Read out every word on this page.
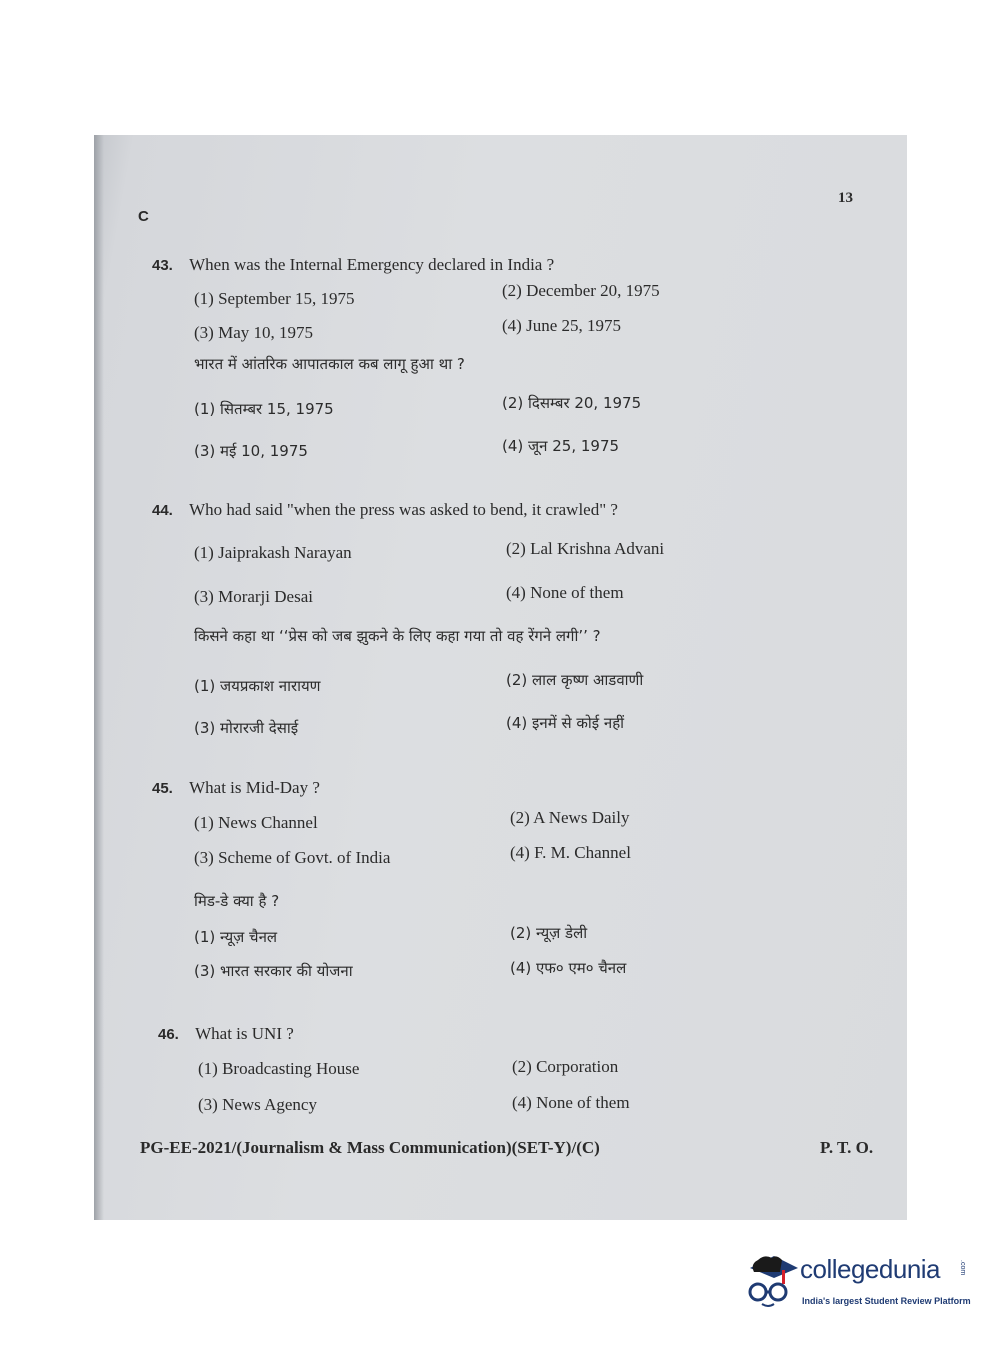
13
C
43. When was the Internal Emergency declared in India ?
(1) September 15, 1975	(2) December 20, 1975
(3) May 10, 1975	(4) June 25, 1975
भारत में आंतरिक आपातकाल कब लागू हुआ था ?
(1) सितम्बर 15, 1975	(2) दिसम्बर 20, 1975
(3) मई 10, 1975	(4) जून 25, 1975
44. Who had said "when the press was asked to bend, it crawled" ?
(1) Jaiprakash Narayan	(2) Lal Krishna Advani
(3) Morarji Desai	(4) None of them
किसने कहा था ‘‘प्रेस को जब झुकने के लिए कहा गया तो वह रेंगने लगी’’ ?
(1) जयप्रकाश नारायण	(2) लाल कृष्ण आडवाणी
(3) मोरारजी देसाई	(4) इनमें से कोई नहीं
45. What is Mid-Day ?
(1) News Channel	(2) A News Daily
(3) Scheme of Govt. of India	(4) F. M. Channel
मिड-डे क्या है ?
(1) न्यूज़ चैनल	(2) न्यूज़ डेली
(3) भारत सरकार की योजना	(4) एफ० एम० चैनल
46. What is UNI ?
(1) Broadcasting House	(2) Corporation
(3) News Agency	(4) None of them
PG-EE-2021/(Journalism & Mass Communication)(SET-Y)/(C)	P. T. O.
collegedunia	.com
India's largest Student Review Platform
